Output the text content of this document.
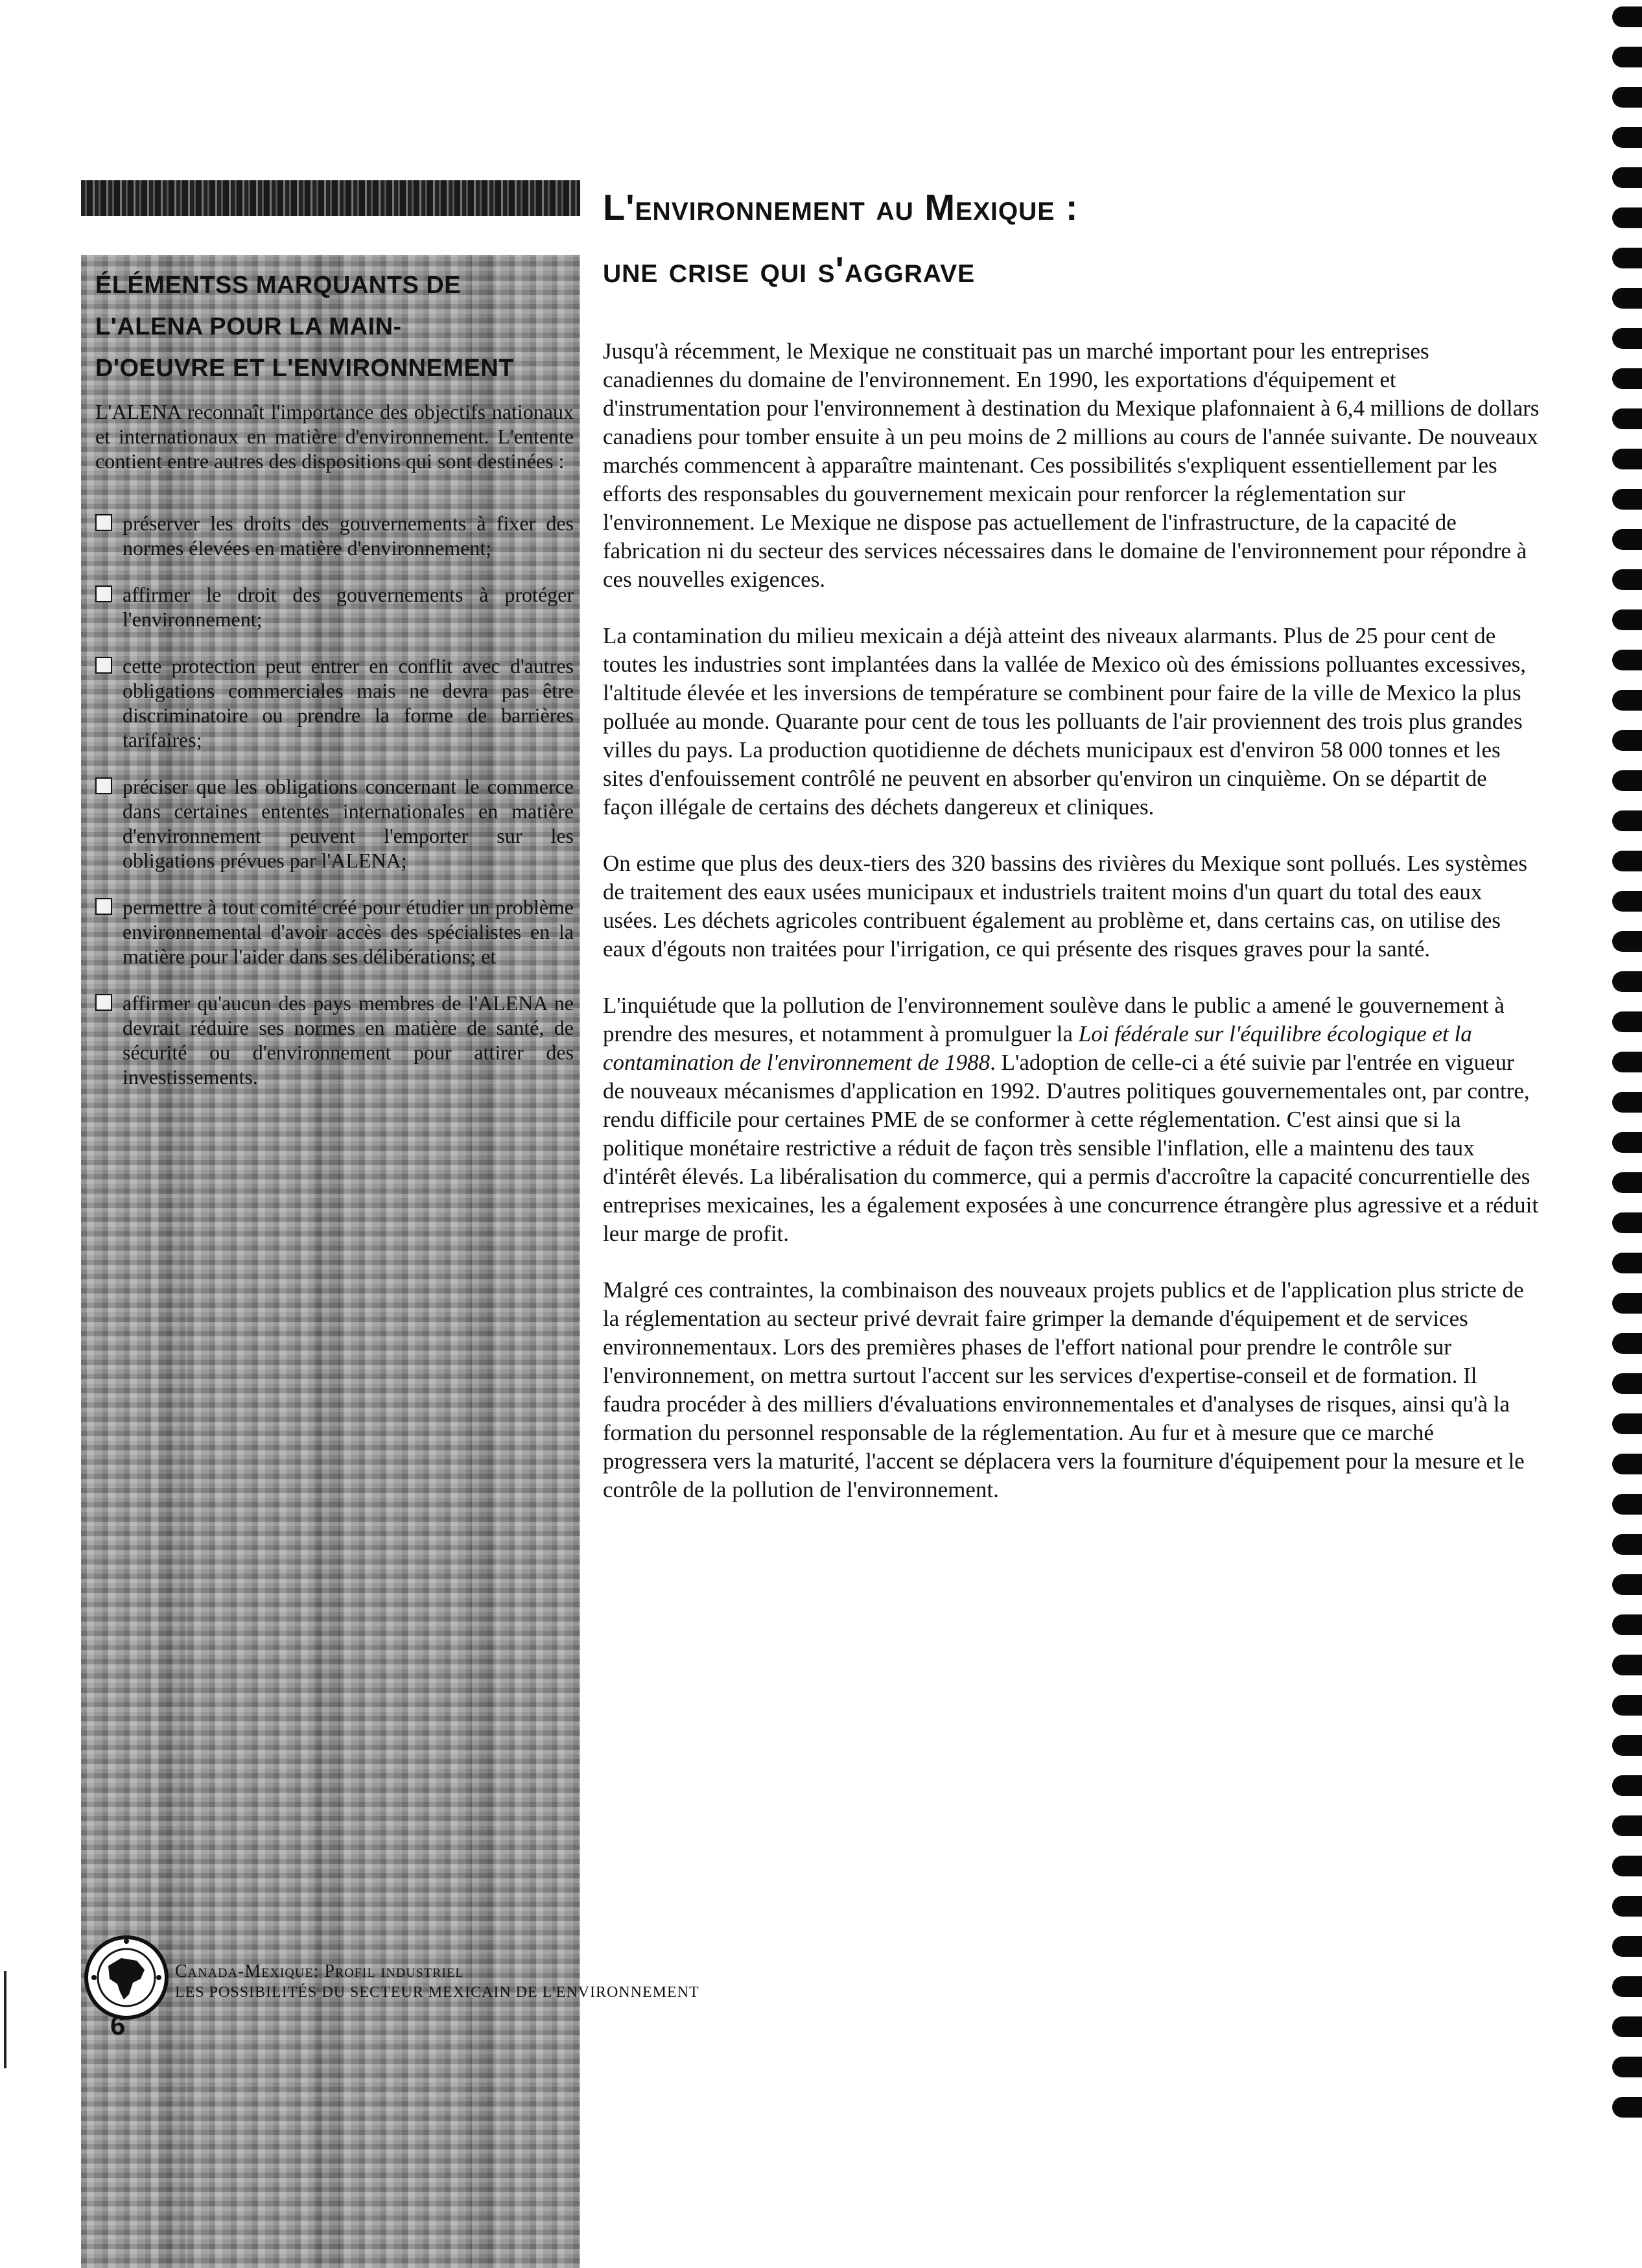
ÉLÉMENTSS MARQUANTS DE
L'ALENA POUR LA MAIN-
D'OEUVRE ET L'ENVIRONNEMENT
L'ALENA reconnaît l'importance des objectifs nationaux et internationaux en matière d'environnement. L'entente contient entre autres des dispositions qui sont destinées :
préserver les droits des gouvernements à fixer des normes élevées en matière d'environnement;
affirmer le droit des gouvernements à protéger l'environnement;
cette protection peut entrer en conflit avec d'autres obligations commerciales mais ne devra pas être discriminatoire ou prendre la forme de barrières tarifaires;
préciser que les obligations concernant le commerce dans certaines ententes internationales en matière d'environnement peuvent l'emporter sur les obligations prévues par l'ALENA;
permettre à tout comité créé pour étudier un problème environnemental d'avoir accès des spécialistes en la matière pour l'aider dans ses délibérations; et
affirmer qu'aucun des pays membres de l'ALENA ne devrait réduire ses normes en matière de santé, de sécurité ou d'environnement pour attirer des investissements.
L'environnement au Mexique :
une crise qui s'aggrave

Jusqu'à récemment, le Mexique ne constituait pas un marché important pour les entreprises canadiennes du domaine de l'environnement. En 1990, les exportations d'équipement et d'instrumentation pour l'environnement à destination du Mexique plafonnaient à 6,4 millions de dollars canadiens pour tomber ensuite à un peu moins de 2 millions au cours de l'année suivante. De nouveaux marchés commencent à apparaître maintenant. Ces possibilités s'expliquent essentiellement par les efforts des responsables du gouvernement mexicain pour renforcer la réglementation sur l'environnement. Le Mexique ne dispose pas actuellement de l'infrastructure, de la capacité de fabrication ni du secteur des services nécessaires dans le domaine de l'environnement pour répondre à ces nouvelles exigences.

La contamination du milieu mexicain a déjà atteint des niveaux alarmants. Plus de 25 pour cent de toutes les industries sont implantées dans la vallée de Mexico où des émissions polluantes excessives, l'altitude élevée et les inversions de température se combinent pour faire de la ville de Mexico la plus polluée au monde. Quarante pour cent de tous les polluants de l'air proviennent des trois plus grandes villes du pays. La production quotidienne de déchets municipaux est d'environ 58 000 tonnes et les sites d'enfouissement contrôlé ne peuvent en absorber qu'environ un cinquième. On se départit de façon illégale de certains des déchets dangereux et cliniques.

On estime que plus des deux-tiers des 320 bassins des rivières du Mexique sont pollués. Les systèmes de traitement des eaux usées municipaux et industriels traitent moins d'un quart du total des eaux usées. Les déchets agricoles contribuent également au problème et, dans certains cas, on utilise des eaux d'égouts non traitées pour l'irrigation, ce qui présente des risques graves pour la santé.

L'inquiétude que la pollution de l'environnement soulève dans le public a amené le gouvernement à prendre des mesures, et notamment à promulguer la Loi fédérale sur l'équilibre écologique et la contamination de l'environnement de 1988. L'adoption de celle-ci a été suivie par l'entrée en vigueur de nouveaux mécanismes d'application en 1992. D'autres politiques gouvernementales ont, par contre, rendu difficile pour certaines PME de se conformer à cette réglementation. C'est ainsi que si la politique monétaire restrictive a réduit de façon très sensible l'inflation, elle a maintenu des taux d'intérêt élevés. La libéralisation du commerce, qui a permis d'accroître la capacité concurrentielle des entreprises mexicaines, les a également exposées à une concurrence étrangère plus agressive et a réduit leur marge de profit.

Malgré ces contraintes, la combinaison des nouveaux projets publics et de l'application plus stricte de la réglementation au secteur privé devrait faire grimper la demande d'équipement et de services environnementaux. Lors des premières phases de l'effort national pour prendre le contrôle sur l'environnement, on mettra surtout l'accent sur les services d'expertise-conseil et de formation. Il faudra procéder à des milliers d'évaluations environnementales et d'analyses de risques, ainsi qu'à la formation du personnel responsable de la réglementation. Au fur et à mesure que ce marché progressera vers la maturité, l'accent se déplacera vers la fourniture d'équipement pour la mesure et le contrôle de la pollution de l'environnement.

Canada-Mexique: Profil industriel
LES POSSIBILITÉS DU SECTEUR MEXICAIN DE L'ENVIRONNEMENT
6
